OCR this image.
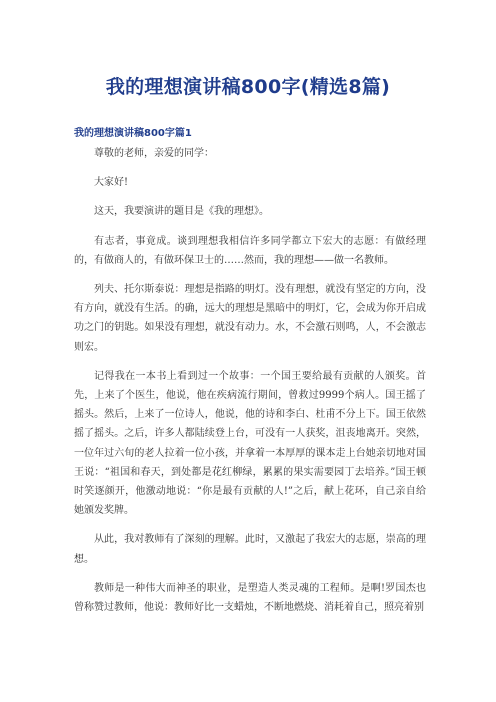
我的理想演讲稿800字(精选8篇)
我的理想演讲稿800字篇1

尊敬的老师，亲爱的同学：

大家好!

这天，我要演讲的题目是《我的理想》。

有志者，事竟成。谈到理想我相信许多同学都立下宏大的志愿：有做经理的，有做商人的，有做环保卫士的……然而，我的理想——做一名教师。

列夫、托尔斯泰说：理想是指路的明灯。没有理想，就没有坚定的方向，没有方向，就没有生活。的确，远大的理想是黑暗中的明灯，它，会成为你开启成功之门的钥匙。如果没有理想，就没有动力。水，不会激石则鸣，人，不会激志则宏。

记得我在一本书上看到过一个故事：一个国王要给最有贡献的人颁奖。首先，上来了个医生，他说，他在疾病流行期间，曾救过9999个病人。国王摇了摇头。然后，上来了一位诗人，他说，他的诗和李白、杜甫不分上下。国王依然摇了摇头。之后，许多人都陆续登上台，可没有一人获奖，沮丧地离开。突然，一位年过六旬的老人拉着一位小孩，并拿着一本厚厚的课本走上台她亲切地对国王说：“祖国和春天，到处都是花红柳绿，累累的果实需要园丁去培养。”国王顿时笑逐颜开，他激动地说：“你是最有贡献的人!”之后，献上花环，自己亲自给她颁发奖牌。

从此，我对教师有了深刻的理解。此时，又激起了我宏大的志愿，崇高的理想。

教师是一种伟大而神圣的职业，是塑造人类灵魂的工程师。是啊!罗国杰也曾称赞过教师，他说：教师好比一支蜡烛，不断地燃烧、消耗着自己，照亮着别
